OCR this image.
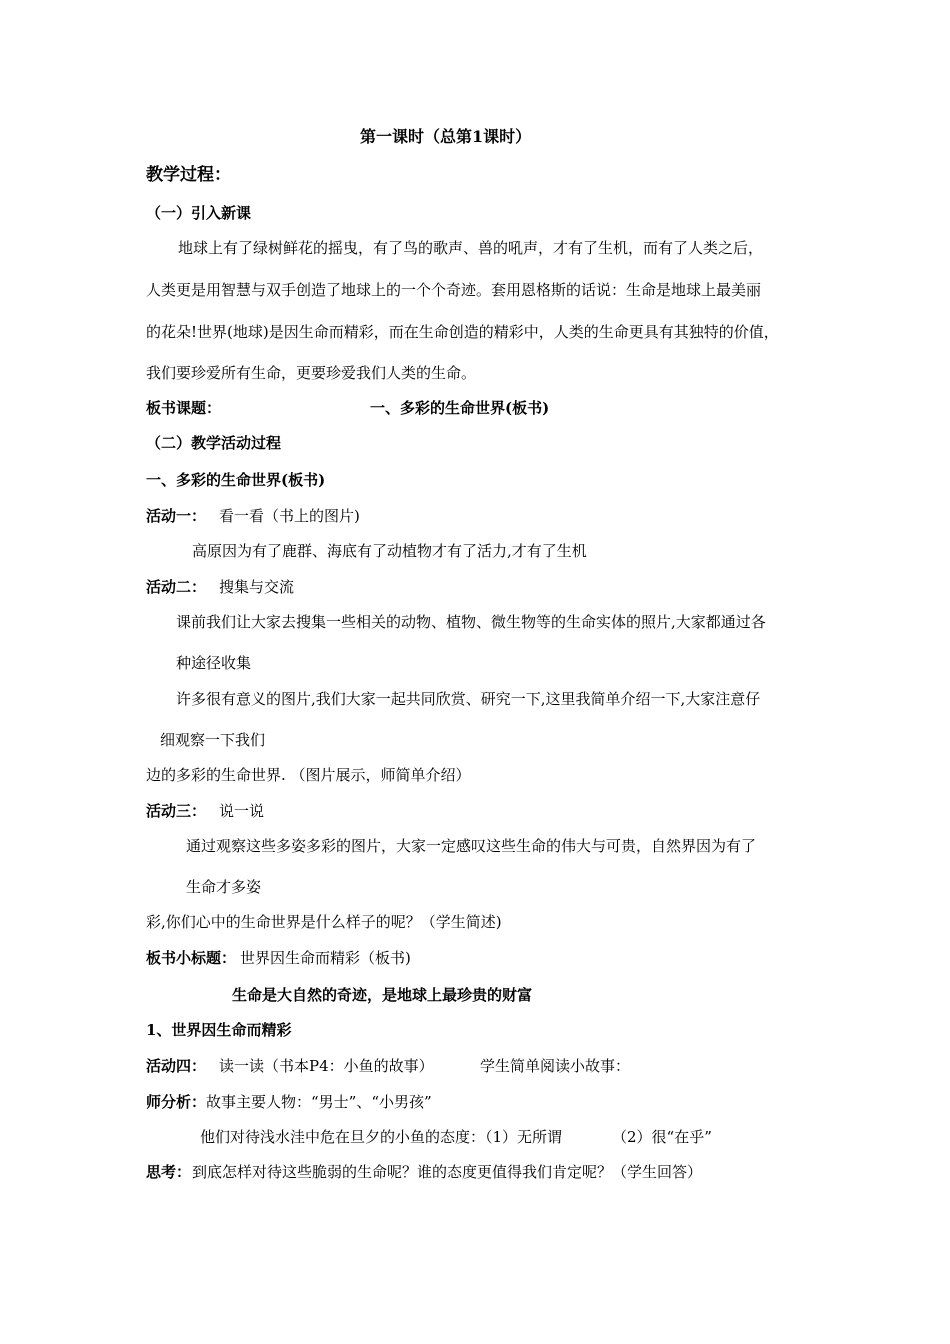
第一课时（总第1课时）
教学过程：
（一）引入新课
地球上有了绿树鲜花的摇曳，有了鸟的歌声、兽的吼声，才有了生机，而有了人类之后，
人类更是用智慧与双手创造了地球上的一个个奇迹。套用恩格斯的话说：生命是地球上最美丽
的花朵!世界(地球)是因生命而精彩，而在生命创造的精彩中，人类的生命更具有其独特的价值，
我们要珍爱所有生命，更要珍爱我们人类的生命。
板书课题：	一、多彩的生命世界(板书)
（二）教学活动过程
一、多彩的生命世界(板书)
活动一： 看一看（书上的图片)
高原因为有了鹿群、海底有了动植物才有了活力,才有了生机
活动二： 搜集与交流
课前我们让大家去搜集一些相关的动物、植物、微生物等的生命实体的照片,大家都通过各
种途径收集
许多很有意义的图片,我们大家一起共同欣赏、研究一下,这里我简单介绍一下,大家注意仔
细观察一下我们
边的多彩的生命世界. （图片展示，师简单介绍）
活动三： 说一说
通过观察这些多姿多彩的图片，大家一定感叹这些生命的伟大与可贵，自然界因为有了
生命才多姿
彩,你们心中的生命世界是什么样子的呢？（学生简述)
板书小标题： 世界因生命而精彩（板书)
生命是大自然的奇迹，是地球上最珍贵的财富
1、世界因生命而精彩
活动四： 读一读（书本P4：小鱼的故事）	学生简单阅读小故事：
师分析： 故事主要人物：“男士”、“小男孩”
他们对待浅水洼中危在旦夕的小鱼的态度：（1）无所谓	（2）很“在乎”
思考： 到底怎样对待这些脆弱的生命呢？谁的态度更值得我们肯定呢？（学生回答）
